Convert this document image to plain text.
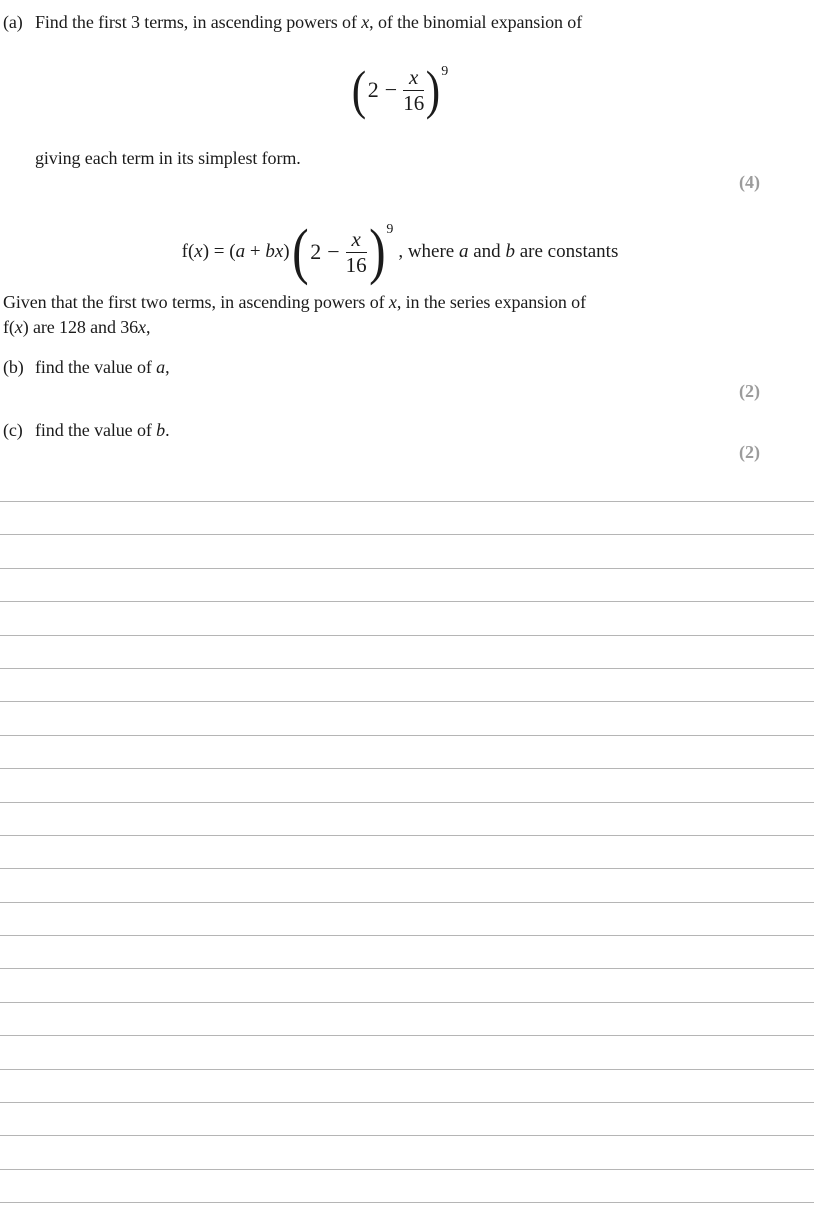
(a) Find the first 3 terms, in ascending powers of x, of the binomial expansion of
( $2 - \frac{x}{16}$ ) 9
giving each term in its simplest form.
(4)
f(x) = (a + bx) ( $2 - \frac{x}{16}$ ) 9
, where a and b are constants
Given that the first two terms, in ascending powers of x, in the series expansion of
f(x) are 128 and 36x,
(b) find the value of a,
(2)
(c) find the value of b.
(2)
